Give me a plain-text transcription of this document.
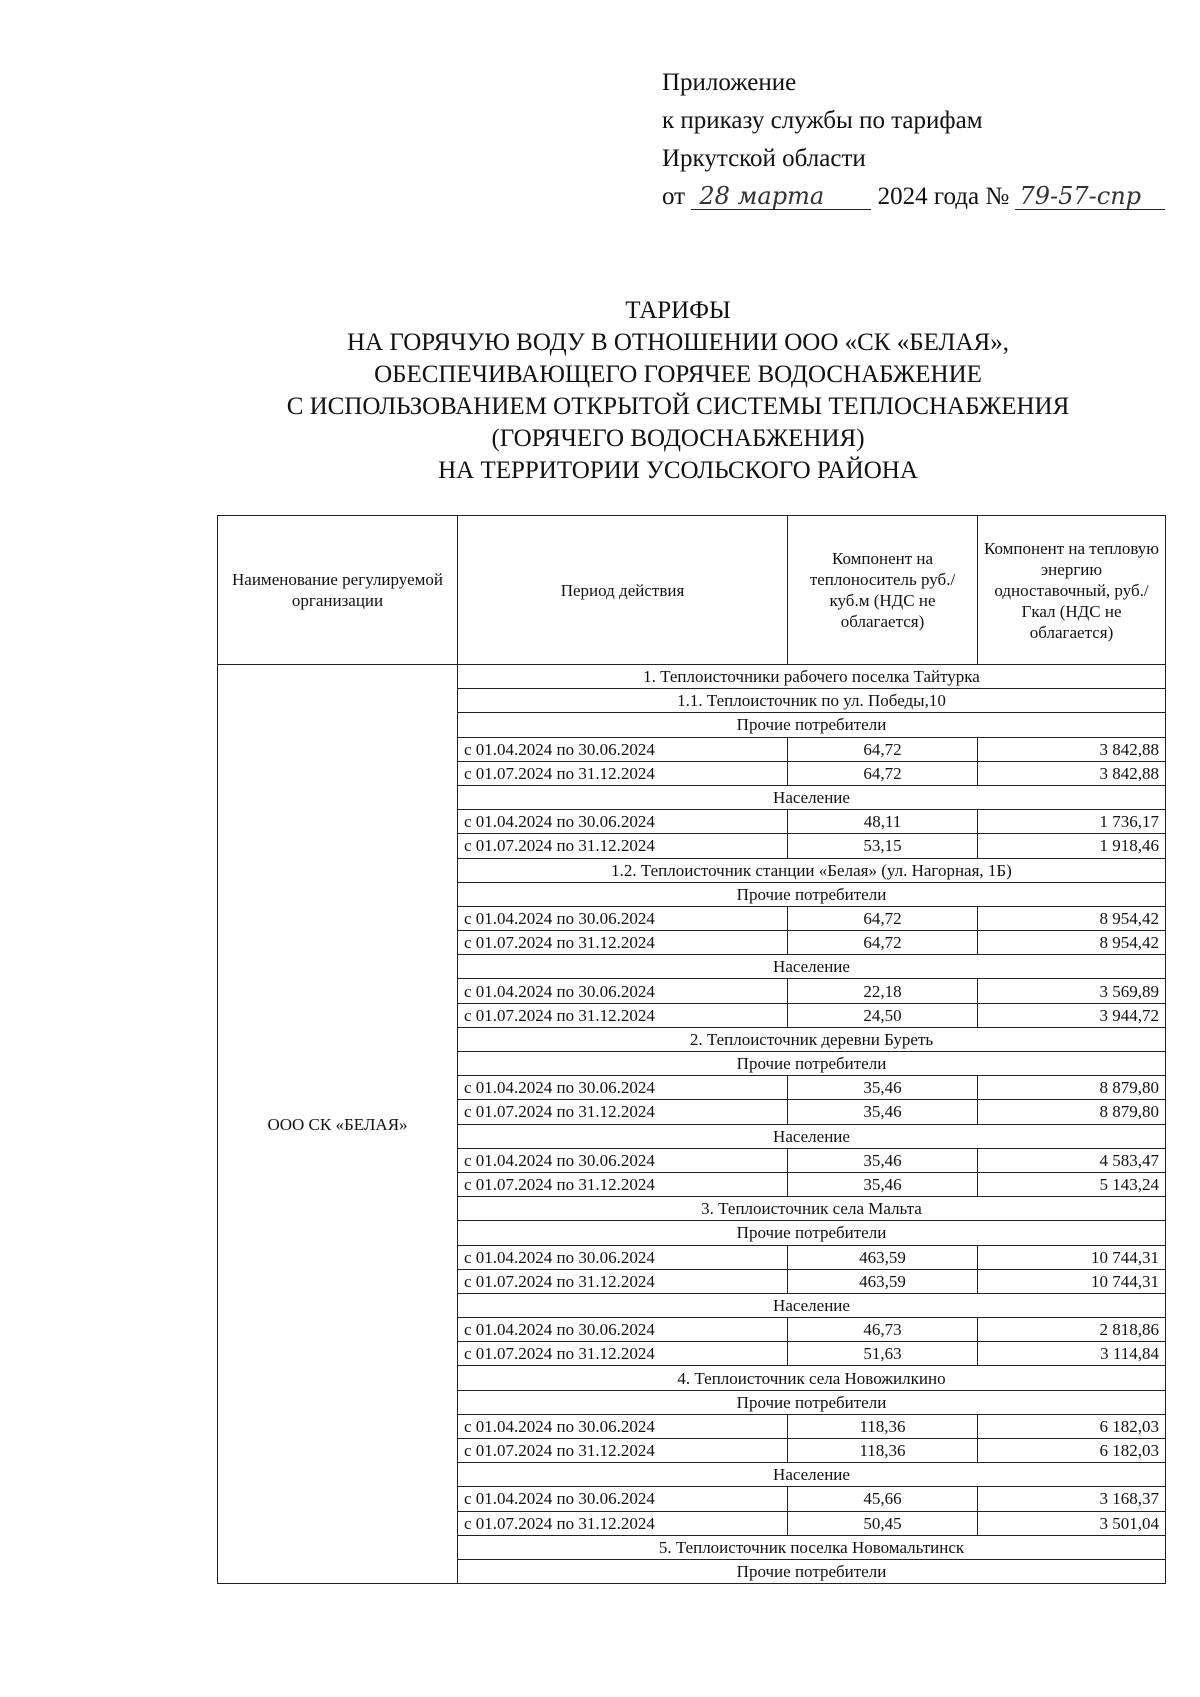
Приложение
к приказу службы по тарифам
Иркутской области
от 28 марта 2024 года № 79-57-спр
ТАРИФЫ
НА ГОРЯЧУЮ ВОДУ В ОТНОШЕНИИ ООО «СК «БЕЛАЯ»,
ОБЕСПЕЧИВАЮЩЕГО ГОРЯЧЕЕ ВОДОСНАБЖЕНИЕ
С ИСПОЛЬЗОВАНИЕМ ОТКРЫТОЙ СИСТЕМЫ ТЕПЛОСНАБЖЕНИЯ
(ГОРЯЧЕГО ВОДОСНАБЖЕНИЯ)
НА ТЕРРИТОРИИ УСОЛЬСКОГО РАЙОНА
Наименование регулируемой организации	Период действия	Компонент на теплоноситель руб./куб.м (НДС не облагается)	Компонент на тепловую энергию одноставочный, руб./Гкал (НДС не облагается)
ООО СК «БЕЛАЯ»	1. Теплоисточники рабочего поселка Тайтурка		
	1.1. Теплоисточник по ул. Победы,10		
	Прочие потребители		
	с 01.04.2024 по 30.06.2024	64,72	3 842,88
	с 01.07.2024 по 31.12.2024	64,72	3 842,88
	Население		
	с 01.04.2024 по 30.06.2024	48,11	1 736,17
	с 01.07.2024 по 31.12.2024	53,15	1 918,46
	1.2. Теплоисточник станции «Белая» (ул. Нагорная, 1Б)		
	Прочие потребители		
	с 01.04.2024 по 30.06.2024	64,72	8 954,42
	с 01.07.2024 по 31.12.2024	64,72	8 954,42
	Население		
	с 01.04.2024 по 30.06.2024	22,18	3 569,89
	с 01.07.2024 по 31.12.2024	24,50	3 944,72
	2. Теплоисточник деревни Буреть		
	Прочие потребители		
	с 01.04.2024 по 30.06.2024	35,46	8 879,80
	с 01.07.2024 по 31.12.2024	35,46	8 879,80
	Население		
	с 01.04.2024 по 30.06.2024	35,46	4 583,47
	с 01.07.2024 по 31.12.2024	35,46	5 143,24
	3. Теплоисточник села Мальта		
	Прочие потребители		
	с 01.04.2024 по 30.06.2024	463,59	10 744,31
	с 01.07.2024 по 31.12.2024	463,59	10 744,31
	Население		
	с 01.04.2024 по 30.06.2024	46,73	2 818,86
	с 01.07.2024 по 31.12.2024	51,63	3 114,84
	4. Теплоисточник села Новожилкино		
	Прочие потребители		
	с 01.04.2024 по 30.06.2024	118,36	6 182,03
	с 01.07.2024 по 31.12.2024	118,36	6 182,03
	Население		
	с 01.04.2024 по 30.06.2024	45,66	3 168,37
	с 01.07.2024 по 31.12.2024	50,45	3 501,04
	5. Теплоисточник поселка Новомальтинск		
	Прочие потребители		
